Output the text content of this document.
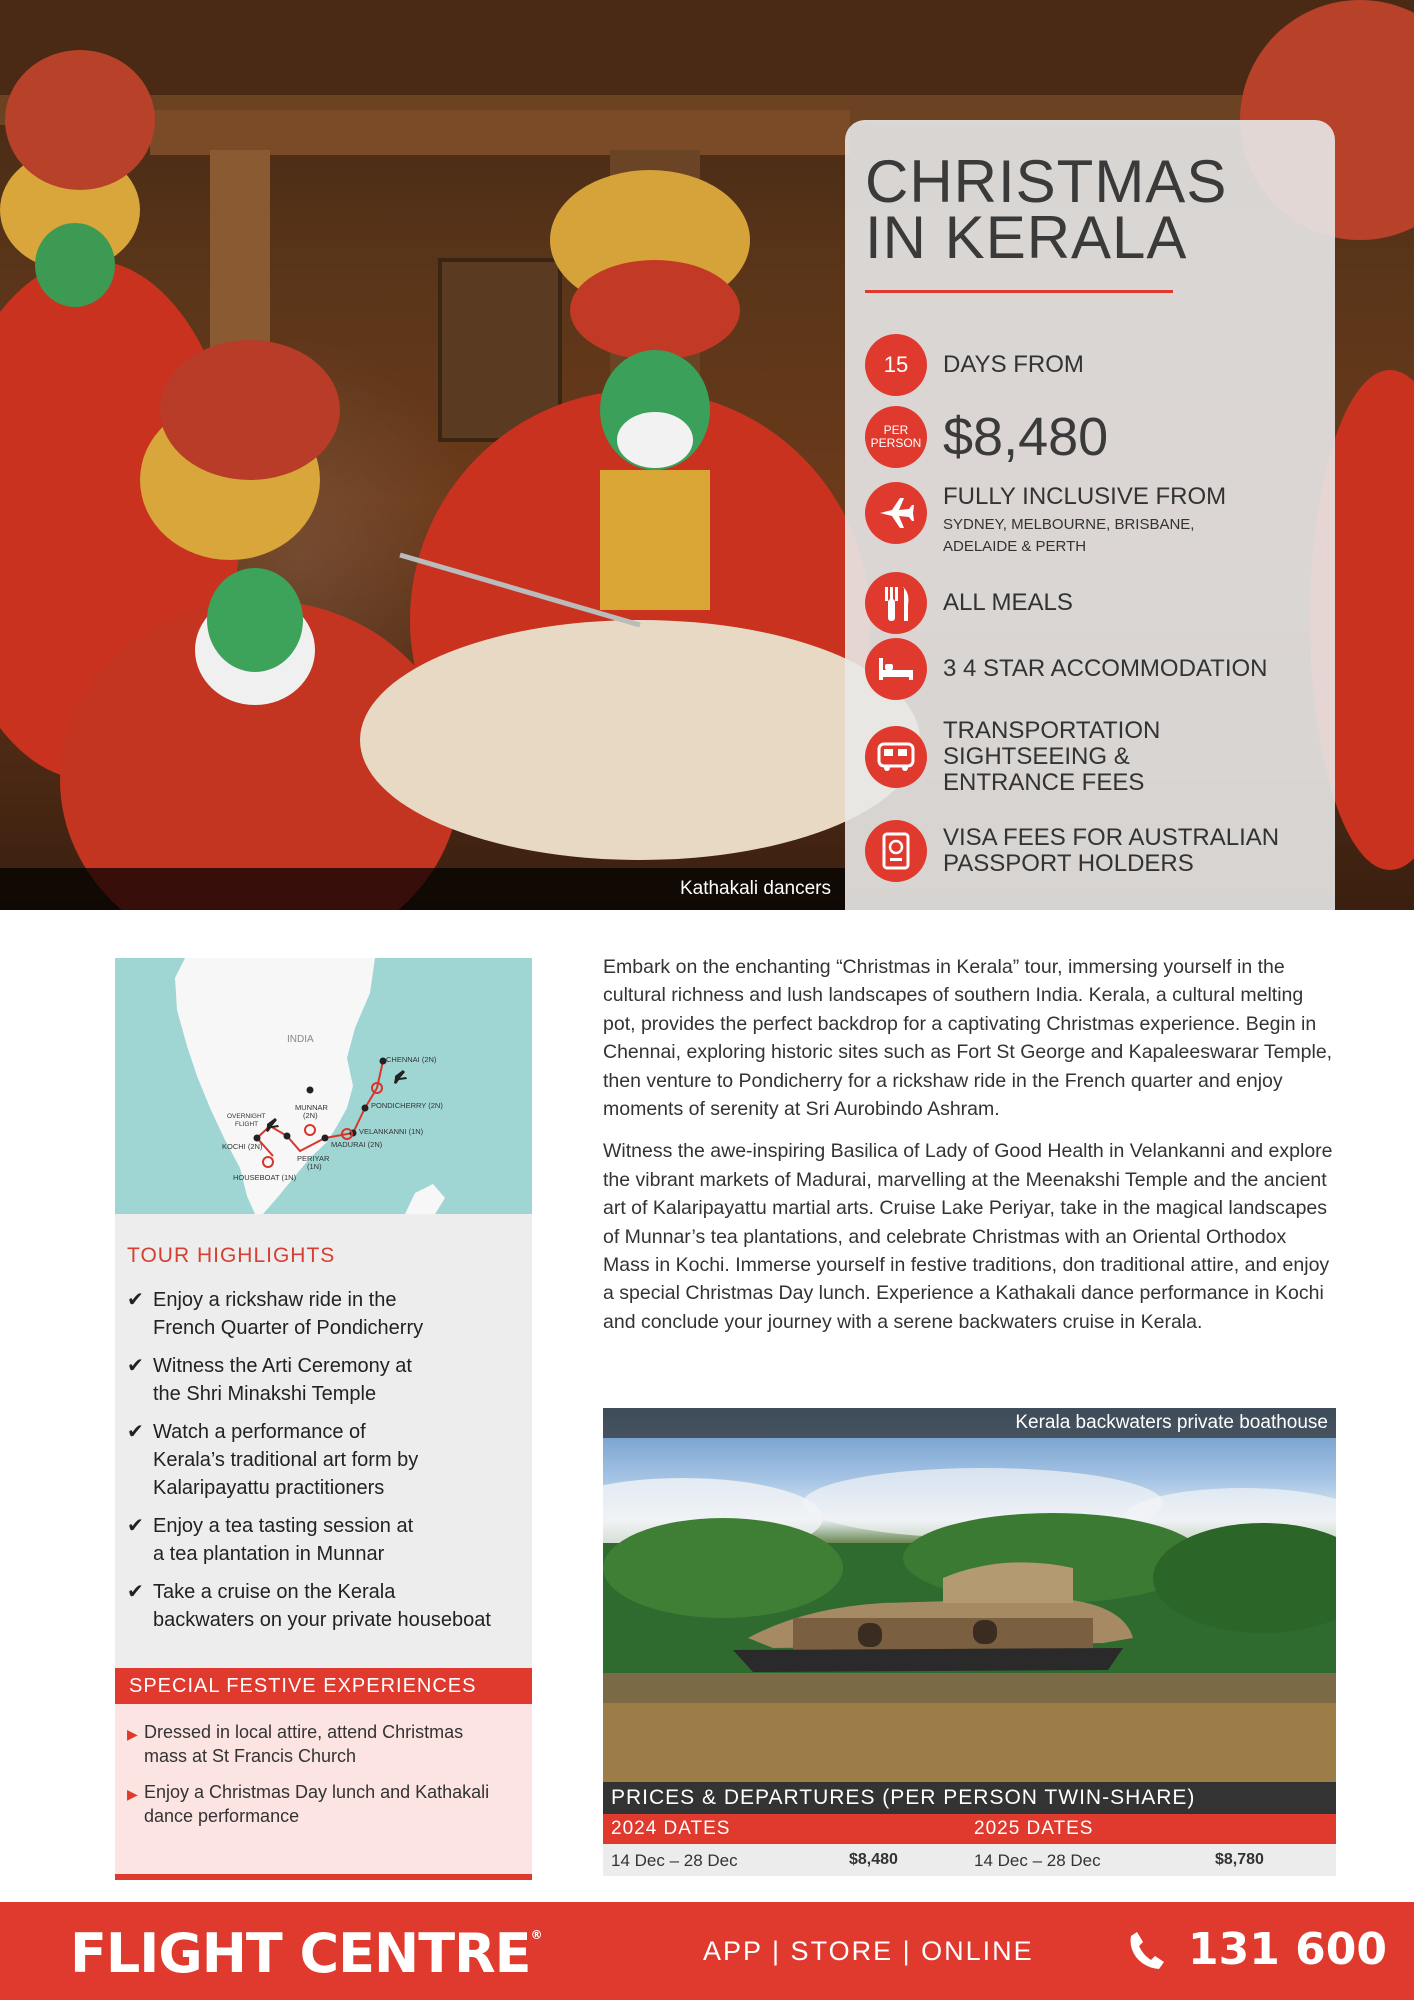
Kathakali dancers
CHRISTMAS
IN KERALA
15	DAYS FROM
PER
PERSON $8,480
FULLY INCLUSIVE FROM
SYDNEY, MELBOURNE, BRISBANE,
ADELAIDE & PERTH
ALL MEALS
3 4 STAR ACCOMMODATION
TRANSPORTATION
SIGHTSEEING &
ENTRANCE FEES
VISA FEES FOR AUSTRALIAN
PASSPORT HOLDERS
INDIA
CHENNAI (2N)
PONDICHERRY (2N)
VELANKANNI (1N)
MADURAI (2N)
MUNNAR
(2N)
PERIYAR
(1N)
OVERNIGHT
FLIGHT
KOCHI (2N)
HOUSEBOAT (1N)
TOUR HIGHLIGHTS
✔ Enjoy a rickshaw ride in the
French Quarter of Pondicherry
✔ Witness the Arti Ceremony at
the Shri Minakshi Temple
✔ Watch a performance of
Kerala’s traditional art form by
Kalaripayattu practitioners
✔ Enjoy a tea tasting session at
a tea plantation in Munnar
✔ Take a cruise on the Kerala
backwaters on your private houseboat
SPECIAL FESTIVE EXPERIENCES
▶ Dressed in local attire, attend Christmas
mass at St Francis Church
▶ Enjoy a Christmas Day lunch and Kathakali
dance performance

Embark on the enchanting “Christmas in Kerala” tour, immersing yourself in the cultural richness and lush landscapes of southern India. Kerala, a cultural melting pot, provides the perfect backdrop for a captivating Christmas experience. Begin in Chennai, exploring historic sites such as Fort St George and Kapaleeswarar Temple, then venture to Pondicherry for a rickshaw ride in the French quarter and enjoy moments of serenity at Sri Aurobindo Ashram.

Witness the awe-inspiring Basilica of Lady of Good Health in Velankanni and explore the vibrant markets of Madurai, marvelling at the Meenakshi Temple and the ancient art of Kalaripayattu martial arts. Cruise Lake Periyar, take in the magical landscapes of Munnar’s tea plantations, and celebrate Christmas with an Oriental Orthodox Mass in Kochi. Immerse yourself in festive traditions, don traditional attire, and enjoy a special Christmas Day lunch. Experience a Kathakali dance performance in Kochi and conclude your journey with a serene backwaters cruise in Kerala.

Kerala backwaters private boathouse
PRICES & DEPARTURES (PER PERSON TWIN-SHARE)
2024 DATES	2025 DATES
14 Dec – 28 Dec	$8,480	14 Dec – 28 Dec	$8,780
FLIGHT CENTRE®
APP | STORE | ONLINE	131 600
